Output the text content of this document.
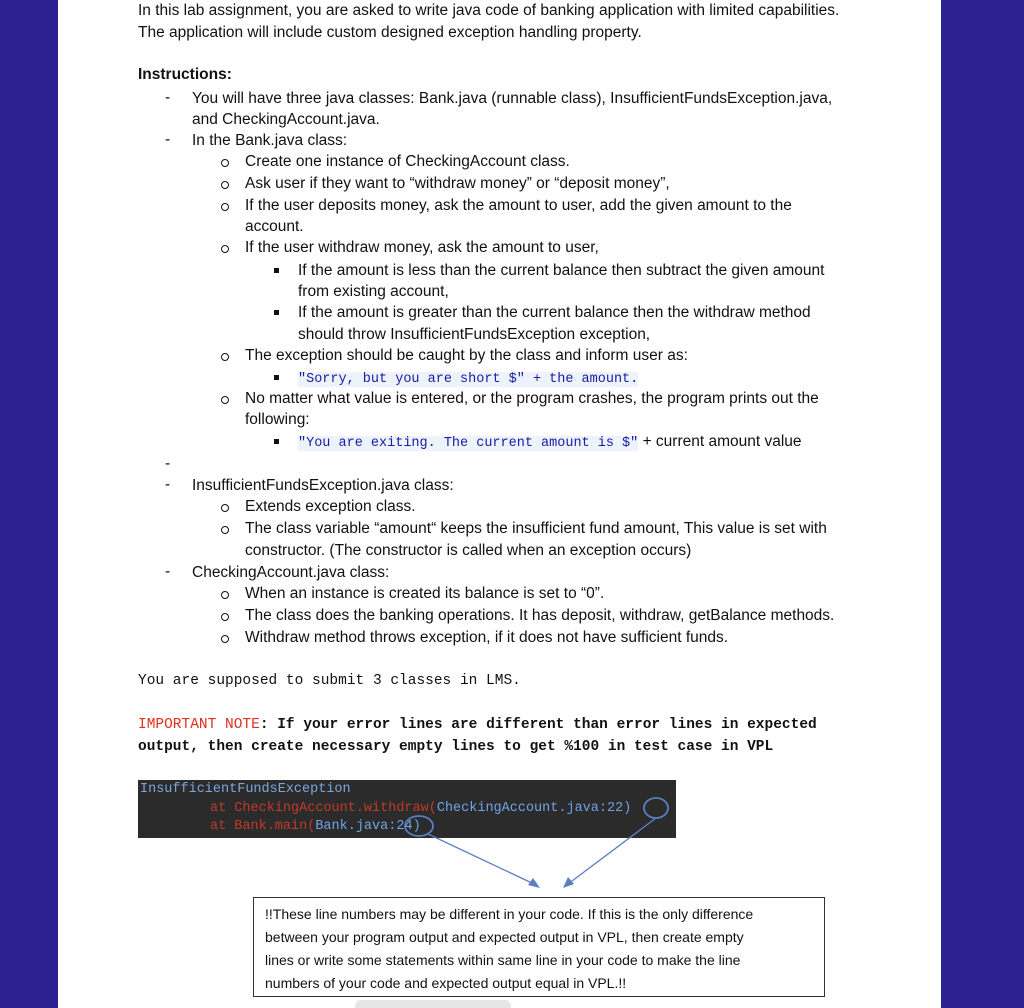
In this lab assignment, you are asked to write java code of banking application with limited capabilities.
The application will include custom designed exception handling property.
Instructions:
- You will have three java classes: Bank.java (runnable class), InsufficientFundsException.java,
and CheckingAccount.java.
- In the Bank.java class:
Create one instance of CheckingAccount class.
Ask user if they want to “withdraw money” or “deposit money”,
If the user deposits money, ask the amount to user, add the given amount to the
account.
If the user withdraw money, ask the amount to user,
If the amount is less than the current balance then subtract the given amount
from existing account,
If the amount is greater than the current balance then the withdraw method
should throw InsufficientFundsException exception,
The exception should be caught by the class and inform user as:
"Sorry, but you are short $" + the amount.
No matter what value is entered, or the program crashes, the program prints out the
following:
"You are exiting. The current amount is $" + current amount value
-
- InsufficientFundsException.java class:
Extends exception class.
The class variable “amount“ keeps the insufficient fund amount, This value is set with
constructor. (The constructor is called when an exception occurs)
- CheckingAccount.java class:
When an instance is created its balance is set to “0”.
The class does the banking operations. It has deposit, withdraw, getBalance methods.
Withdraw method throws exception, if it does not have sufficient funds.
You are supposed to submit 3 classes in LMS.
IMPORTANT NOTE: If your error lines are different than error lines in expected
output, then create necessary empty lines to get %100 in test case in VPL
InsufficientFundsException
at CheckingAccount.withdraw(CheckingAccount.java:22)
at Bank.main(Bank.java:24)
!!These line numbers may be different in your code. If this is the only difference
between your program output and expected output in VPL, then create empty
lines or write some statements within same line in your code to make the line
numbers of your code and expected output equal in VPL.!!
